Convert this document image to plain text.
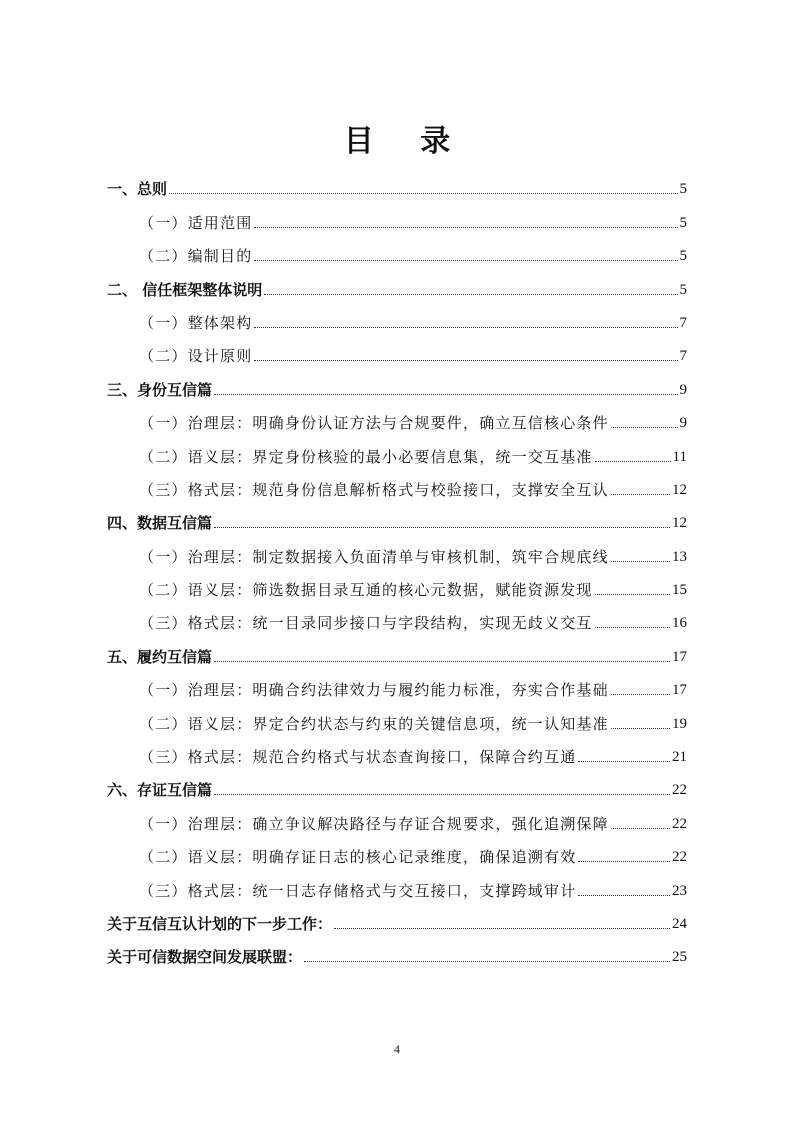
目 录
一、总则	5
（一）适用范围	5
（二）编制目的	5
二、 信任框架整体说明	5
（一）整体架构	7
（二）设计原则	7
三、身份互信篇	9
（一）治理层：明确身份认证方法与合规要件，确立互信核心条件	9
（二）语义层：界定身份核验的最小必要信息集，统一交互基准	11
（三）格式层：规范身份信息解析格式与校验接口，支撑安全互认	12
四、数据互信篇	12
（一）治理层：制定数据接入负面清单与审核机制，筑牢合规底线	13
（二）语义层：筛选数据目录互通的核心元数据，赋能资源发现	15
（三）格式层：统一目录同步接口与字段结构，实现无歧义交互	16
五、履约互信篇	17
（一）治理层：明确合约法律效力与履约能力标准，夯实合作基础	17
（二）语义层：界定合约状态与约束的关键信息项，统一认知基准	19
（三）格式层：规范合约格式与状态查询接口，保障合约互通	21
六、存证互信篇	22
（一）治理层：确立争议解决路径与存证合规要求，强化追溯保障	22
（二）语义层：明确存证日志的核心记录维度，确保追溯有效	22
（三）格式层：统一日志存储格式与交互接口，支撑跨域审计	23
关于互信互认计划的下一步工作：	24
关于可信数据空间发展联盟：	25
4
